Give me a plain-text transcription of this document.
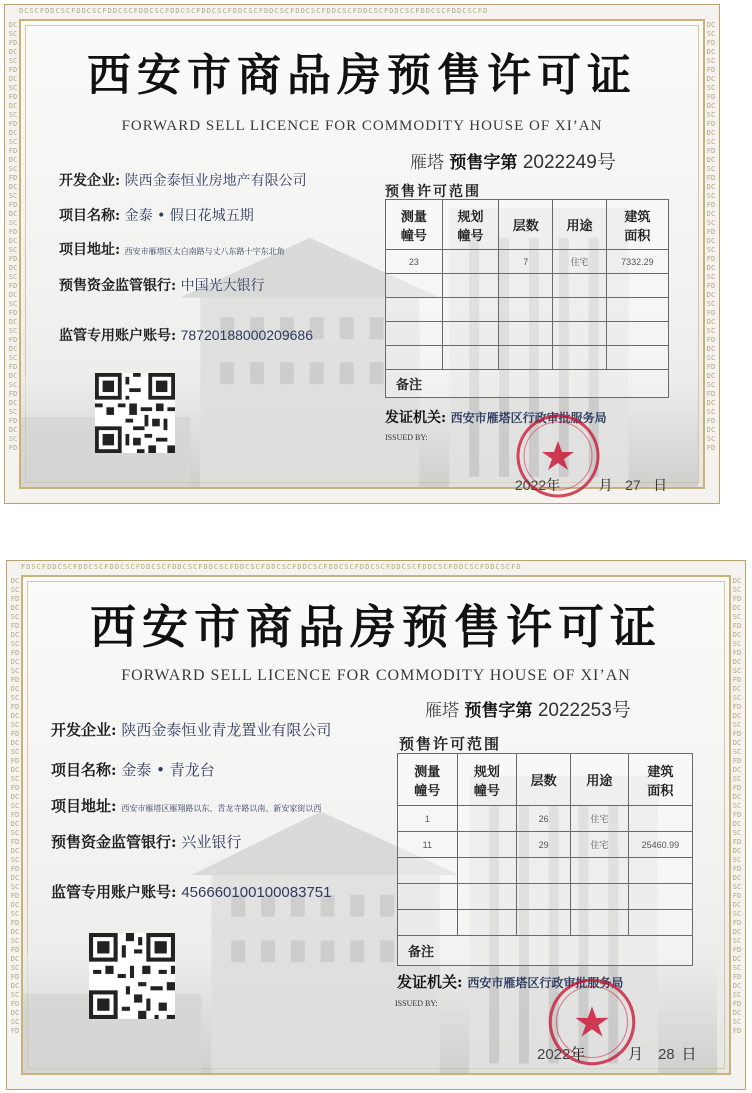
DCSCFDDCSCFDDCSCFDDCSCFDDCSCFDDCSCFDDCSCFDDCSCFDDCSCFDDCSCFDDCSCFDDCSCFDDCSCFDDCSCFDDCSCFD
DCSCFDDCSCFDDCSCFDDCSCFDDCSCFDDCSCFDDCSCFDDCSCFDDCSCFDDCSCFDDCSCFDDCSCFDDCSCFDDCSCFDDCSCFDDCSCFD
DCSCFDDCSCFDDCSCFDDCSCFDDCSCFDDCSCFDDCSCFDDCSCFDDCSCFDDCSCFDDCSCFDDCSCFDDCSCFDDCSCFDDCSCFDDCSCFD
西安市商品房预售许可证
FORWARD SELL LICENCE FOR COMMODITY HOUSE OF XI’AN
雁塔 预售字第 2022249号
开发企业: 陕西金泰恒业房地产有限公司
项目名称: 金泰 • 假日花城五期
项目地址: 西安市雁塔区太白南路与丈八东路十字东北角
预售资金监管银行: 中国光大银行
监管专用账户账号: 78720188000209686
预售许可范围
测量
幢号	规划
幢号	层数	用途	建筑
面积
23		7	住宅	7332.29

备注				
发证机关: 西安市雁塔区行政审批服务局
ISSUED BY:
2022年	月 27 日
FDSCFDDCSCFDDCSCFDDCSCFDDCSCFDDCSCFDDCSCFDDCSCFDDCSCFDDCSCFDDCSCFDDCSCFDDCSCFDDCSCFDDCSCFDDCSCFD
DCSCFDDCSCFDDCSCFDDCSCFDDCSCFDDCSCFDDCSCFDDCSCFDDCSCFDDCSCFDDCSCFDDCSCFDDCSCFDDCSCFDDCSCFDDCSCFDDCSCFD
DCSCFDDCSCFDDCSCFDDCSCFDDCSCFDDCSCFDDCSCFDDCSCFDDCSCFDDCSCFDDCSCFDDCSCFDDCSCFDDCSCFDDCSCFDDCSCFDDCSCFD
西安市商品房预售许可证
FORWARD SELL LICENCE FOR COMMODITY HOUSE OF XI’AN
雁塔 预售字第 2022253号
开发企业: 陕西金泰恒业青龙置业有限公司
项目名称: 金泰 • 青龙台
项目地址: 西安市雁塔区雁翔路以东、青龙寺路以南、新安家街以西
预售资金监管银行: 兴业银行
监管专用账户账号: 456660100100083751
预售许可范围
测量
幢号	规划
幢号	层数	用途	建筑
面积
1		26	住宅	
11		29	住宅	25460.99

备注				
发证机关: 西安市雁塔区行政审批服务局
ISSUED BY:
2022年	月 28 日
